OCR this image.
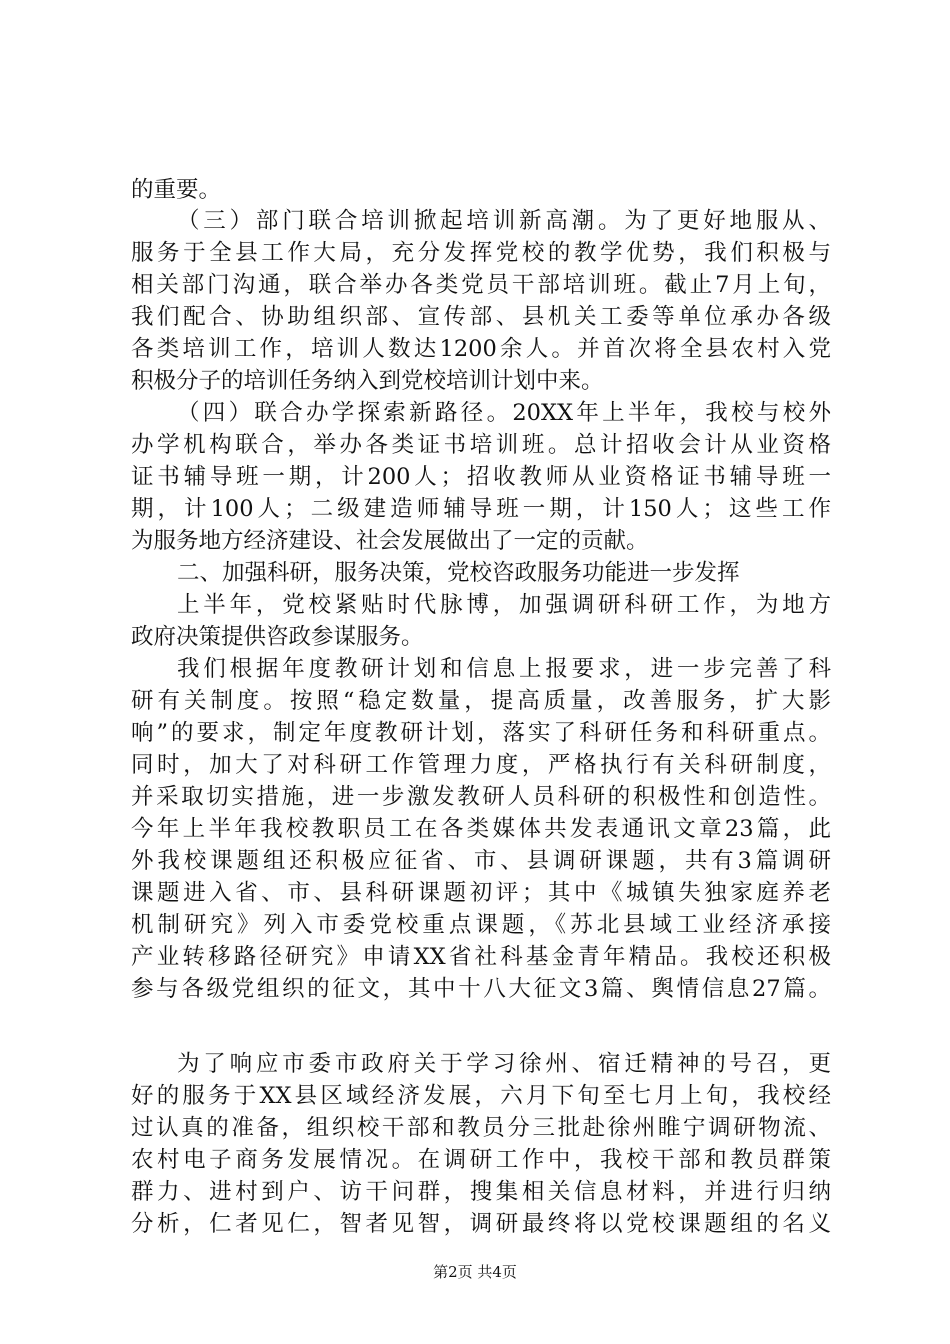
的重要。
（三）部门联合培训掀起培训新高潮。为了更好地服从、
服务于全县工作大局，充分发挥党校的教学优势，我们积极与
相关部门沟通，联合举办各类党员干部培训班。截止7月上旬，
我们配合、协助组织部、宣传部、县机关工委等单位承办各级
各类培训工作，培训人数达1200余人。并首次将全县农村入党
积极分子的培训任务纳入到党校培训计划中来。
（四）联合办学探索新路径。20XX年上半年，我校与校外
办学机构联合，举办各类证书培训班。总计招收会计从业资格
证书辅导班一期，计200人；招收教师从业资格证书辅导班一
期，计100人；二级建造师辅导班一期，计150人；这些工作
为服务地方经济建设、社会发展做出了一定的贡献。
二、加强科研，服务决策，党校咨政服务功能进一步发挥
上半年，党校紧贴时代脉博，加强调研科研工作，为地方
政府决策提供咨政参谋服务。
我们根据年度教研计划和信息上报要求，进一步完善了科
研有关制度。按照“稳定数量，提高质量，改善服务，扩大影
响”的要求，制定年度教研计划，落实了科研任务和科研重点。
同时，加大了对科研工作管理力度，严格执行有关科研制度，
并采取切实措施，进一步激发教研人员科研的积极性和创造性。
今年上半年我校教职员工在各类媒体共发表通讯文章23篇，此
外我校课题组还积极应征省、市、县调研课题，共有3篇调研
课题进入省、市、县科研课题初评；其中《城镇失独家庭养老
机制研究》列入市委党校重点课题，《苏北县域工业经济承接
产业转移路径研究》申请XX省社科基金青年精品。我校还积极
参与各级党组织的征文，其中十八大征文3篇、舆情信息27篇。
为了响应市委市政府关于学习徐州、宿迁精神的号召，更
好的服务于XX县区域经济发展，六月下旬至七月上旬，我校经
过认真的准备，组织校干部和教员分三批赴徐州睢宁调研物流、
农村电子商务发展情况。在调研工作中，我校干部和教员群策
群力、进村到户、访干问群，搜集相关信息材料，并进行归纳
分析，仁者见仁，智者见智，调研最终将以党校课题组的名义
第2页 共4页
